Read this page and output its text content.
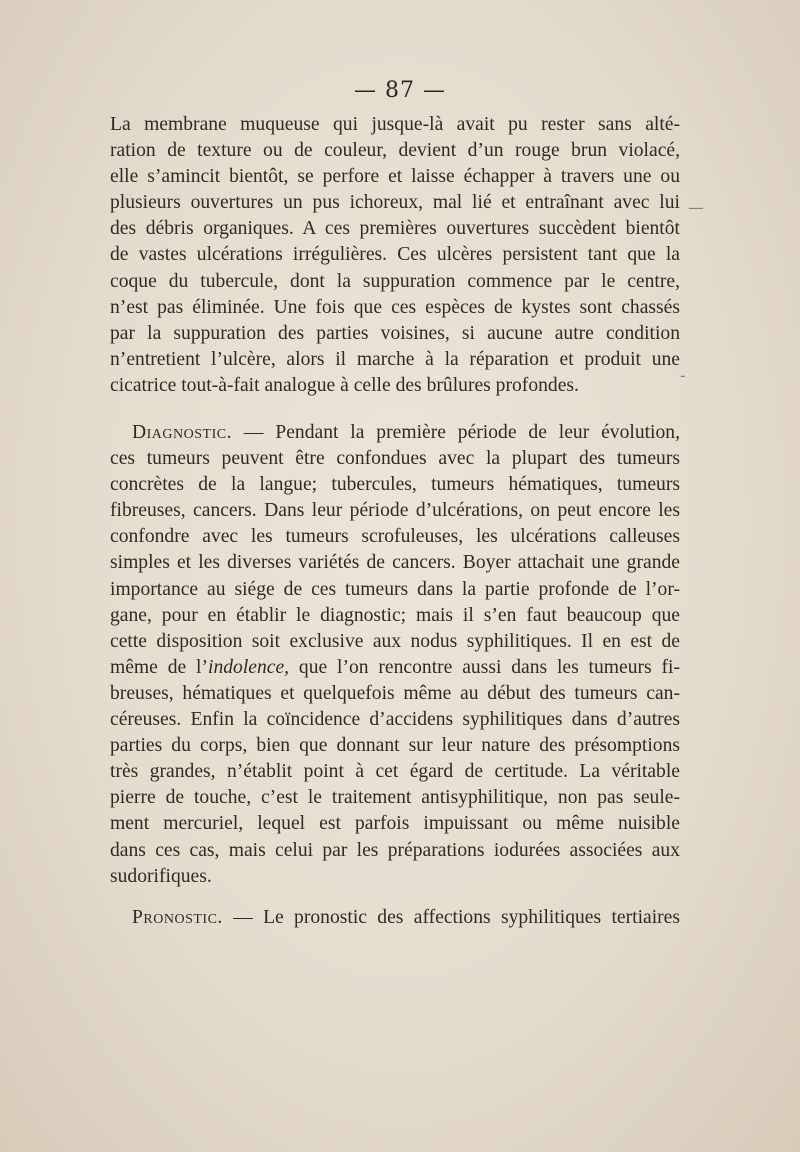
— 87 —
La membrane muqueuse qui jusque-là avait pu rester sans alté-
ration de texture ou de couleur, devient d’un rouge brun violacé,
elle s’amincit bientôt, se perfore et laisse échapper à travers une ou
plusieurs ouvertures un pus ichoreux, mal lié et entraînant avec lui
des débris organiques. A ces premières ouvertures succèdent bientôt
de vastes ulcérations irrégulières. Ces ulcères persistent tant que la
coque du tubercule, dont la suppuration commence par le centre,
n’est pas éliminée. Une fois que ces espèces de kystes sont chassés
par la suppuration des parties voisines, si aucune autre condition
n’entretient l’ulcère, alors il marche à la réparation et produit une
cicatrice tout-à-fait analogue à celle des brûlures profondes.
Diagnostic. — Pendant la première période de leur évolution,
ces tumeurs peuvent être confondues avec la plupart des tumeurs
concrètes de la langue; tubercules, tumeurs hématiques, tumeurs
fibreuses, cancers. Dans leur période d’ulcérations, on peut encore les
confondre avec les tumeurs scrofuleuses, les ulcérations calleuses
simples et les diverses variétés de cancers. Boyer attachait une grande
importance au siége de ces tumeurs dans la partie profonde de l’or-
gane, pour en établir le diagnostic; mais il s’en faut beaucoup que
cette disposition soit exclusive aux nodus syphilitiques. Il en est de
même de l’indolence, que l’on rencontre aussi dans les tumeurs fi-
breuses, hématiques et quelquefois même au début des tumeurs can-
céreuses. Enfin la coïncidence d’accidens syphilitiques dans d’autres
parties du corps, bien que donnant sur leur nature des présomptions
très grandes, n’établit point à cet égard de certitude. La véritable
pierre de touche, c’est le traitement antisyphilitique, non pas seule-
ment mercuriel, lequel est parfois impuissant ou même nuisible
dans ces cas, mais celui par les préparations iodurées associées aux
sudorifiques.
Pronostic. — Le pronostic des affections syphilitiques tertiaires
—
-
